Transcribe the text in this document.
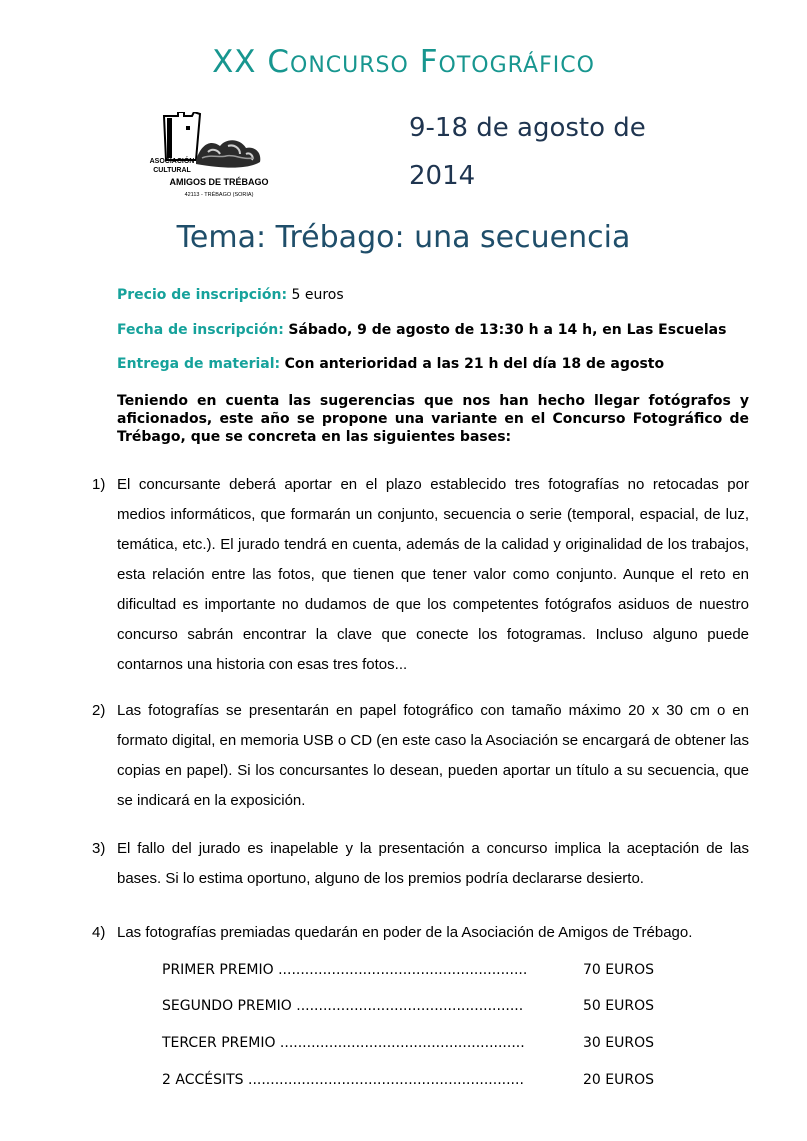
XX Concurso Fotográfico
ASOCIACIÓN
CULTURAL
AMIGOS DE TRÉBAGO
42113 - TRÉBAGO (SORIA)
9-18 de agosto de
2014
Tema: Trébago: una secuencia
Precio de inscripción: 5 euros
Fecha de inscripción: Sábado, 9 de agosto de 13:30 h a 14 h, en Las Escuelas
Entrega de material: Con anterioridad a las 21 h del día 18 de agosto
Teniendo en cuenta las sugerencias que nos han hecho llegar fotógrafos y aficionados, este año se propone una variante en el Concurso Fotográfico de Trébago, que se concreta en las siguientes bases:
1) El concursante deberá aportar en el plazo establecido tres fotografías no retocadas por medios informáticos, que formarán un conjunto, secuencia o serie (temporal, espacial, de luz, temática, etc.). El jurado tendrá en cuenta, además de la calidad y originalidad de los trabajos, esta relación entre las fotos, que tienen que tener valor como conjunto. Aunque el reto en dificultad es importante no dudamos de que los competentes fotógrafos asiduos de nuestro concurso sabrán encontrar la clave que conecte los fotogramas. Incluso alguno puede contarnos una historia con esas tres fotos...
2) Las fotografías se presentarán en papel fotográfico con tamaño máximo 20 x 30 cm o en formato digital, en memoria USB o CD (en este caso la Asociación se encargará de obtener las copias en papel). Si los concursantes lo desean, pueden aportar un título a su secuencia, que se indicará en la exposición.
3) El fallo del jurado es inapelable y la presentación a concurso implica la aceptación de las bases. Si lo estima oportuno, alguno de los premios podría declararse desierto.
4) Las fotografías premiadas quedarán en poder de la Asociación de Amigos de Trébago.
PRIMER PREMIO ........................................................	70 EUROS
SEGUNDO PREMIO ...................................................	50 EUROS
TERCER PREMIO .......................................................	30 EUROS
2 ACCÉSITS ..............................................................	20 EUROS
